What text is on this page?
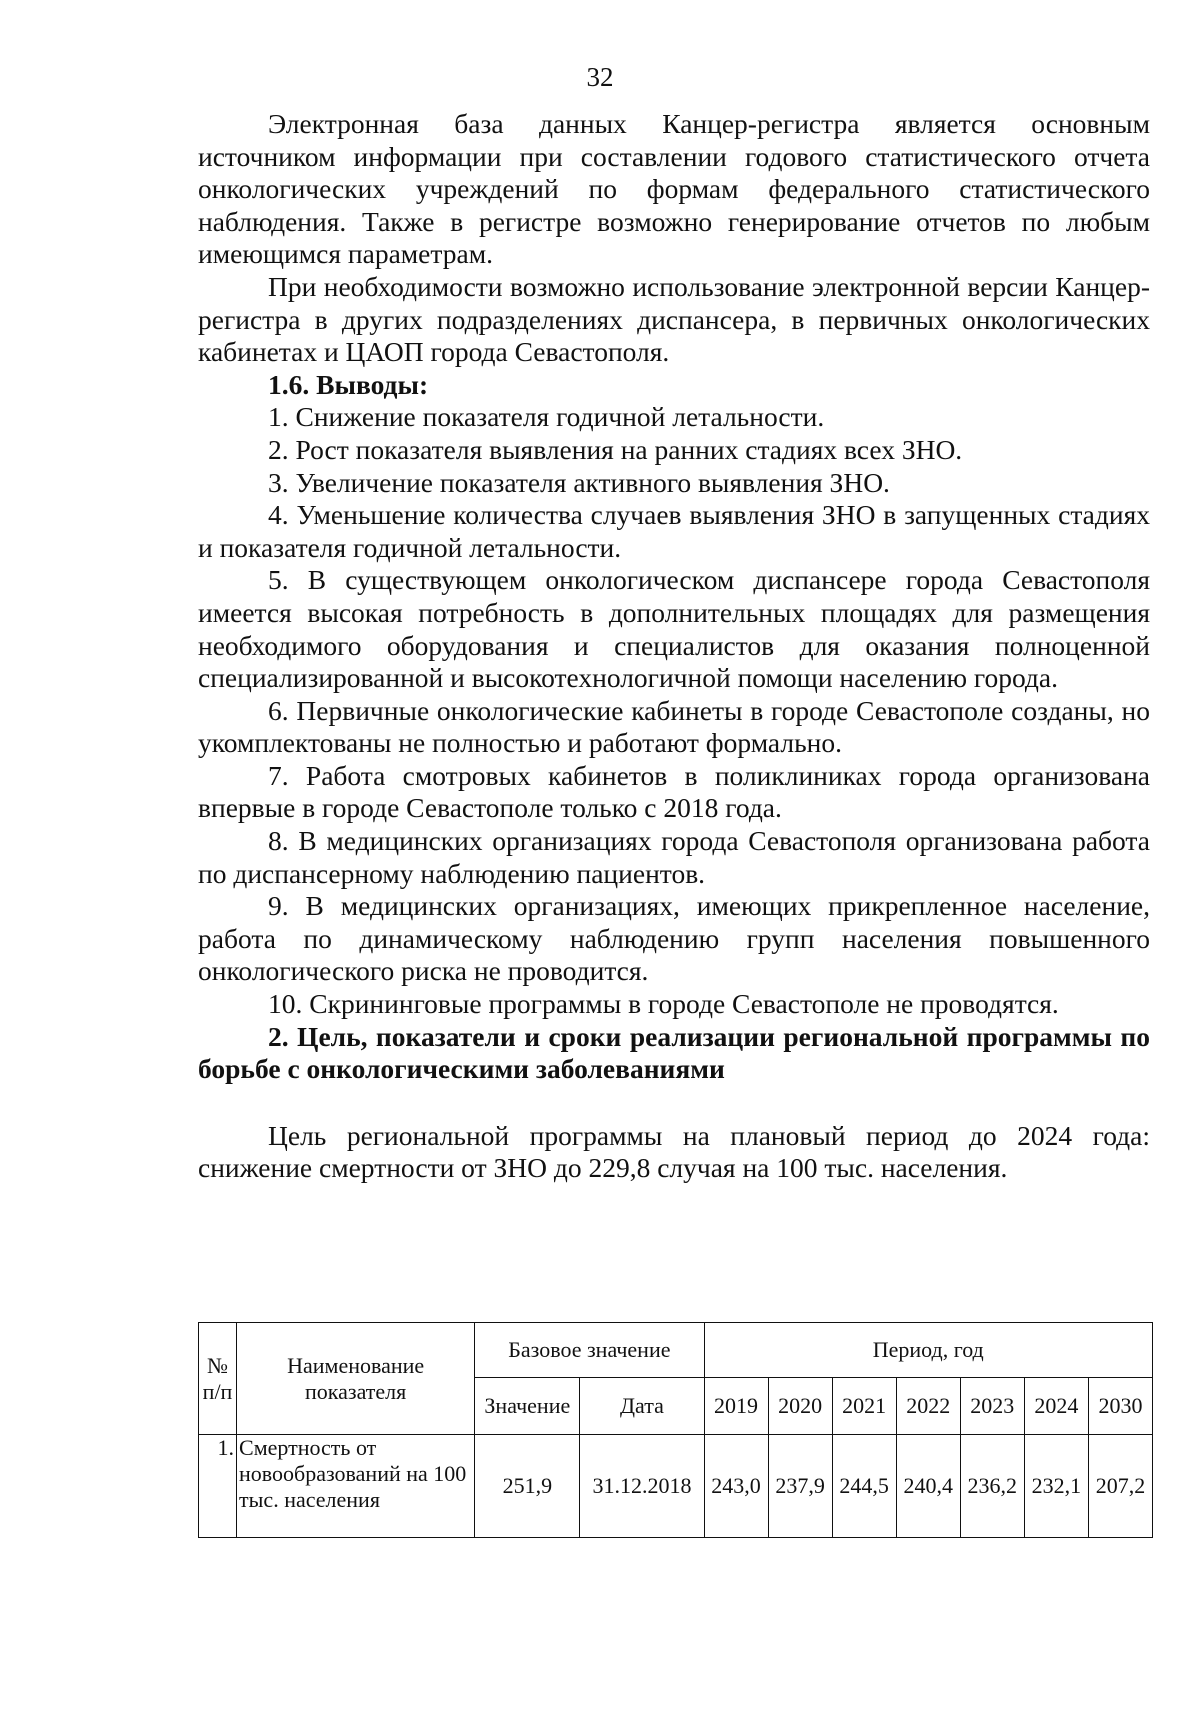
32

Электронная база данных Канцер-регистра является основным источником информации при составлении годового статистического отчета онкологических учреждений по формам федерального статистического наблюдения. Также в регистре возможно генерирование отчетов по любым имеющимся параметрам.

При необходимости возможно использование электронной версии Канцер-регистра в других подразделениях диспансера, в первичных онкологических кабинетах и ЦАОП города Севастополя.

1.6. Выводы:

1. Снижение показателя годичной летальности.

2. Рост показателя выявления на ранних стадиях всех ЗНО.

3. Увеличение показателя активного выявления ЗНО.

4. Уменьшение количества случаев выявления ЗНО в запущенных стадиях и показателя годичной летальности.

5. В существующем онкологическом диспансере города Севастополя имеется высокая потребность в дополнительных площадях для размещения необходимого оборудования и специалистов для оказания полноценной специализированной и высокотехнологичной помощи населению города.

6. Первичные онкологические кабинеты в городе Севастополе созданы, но укомплектованы не полностью и работают формально.

7. Работа смотровых кабинетов в поликлиниках города организована впервые в городе Севастополе только с 2018 года.

8. В медицинских организациях города Севастополя организована работа по диспансерному наблюдению пациентов.

9. В медицинских организациях, имеющих прикрепленное население, работа по динамическому наблюдению групп населения повышенного онкологического риска не проводится.

10. Скрининговые программы в городе Севастополе не проводятся.

2. Цель, показатели и сроки реализации региональной программы по борьбе с онкологическими заболеваниями

Цель региональной программы на плановый период до 2024 года: снижение смертности от ЗНО до 229,8 случая на 100 тыс. населения.

№ п/п	Наименование показателя	Базовое значение		Период, год						
		Значение	Дата	2019	2020	2021	2022	2023	2024	2030
1.	Смертность от новообразований на 100 тыс. населения	251,9	31.12.2018	243,0	237,9	244,5	240,4	236,2	232,1	207,2
